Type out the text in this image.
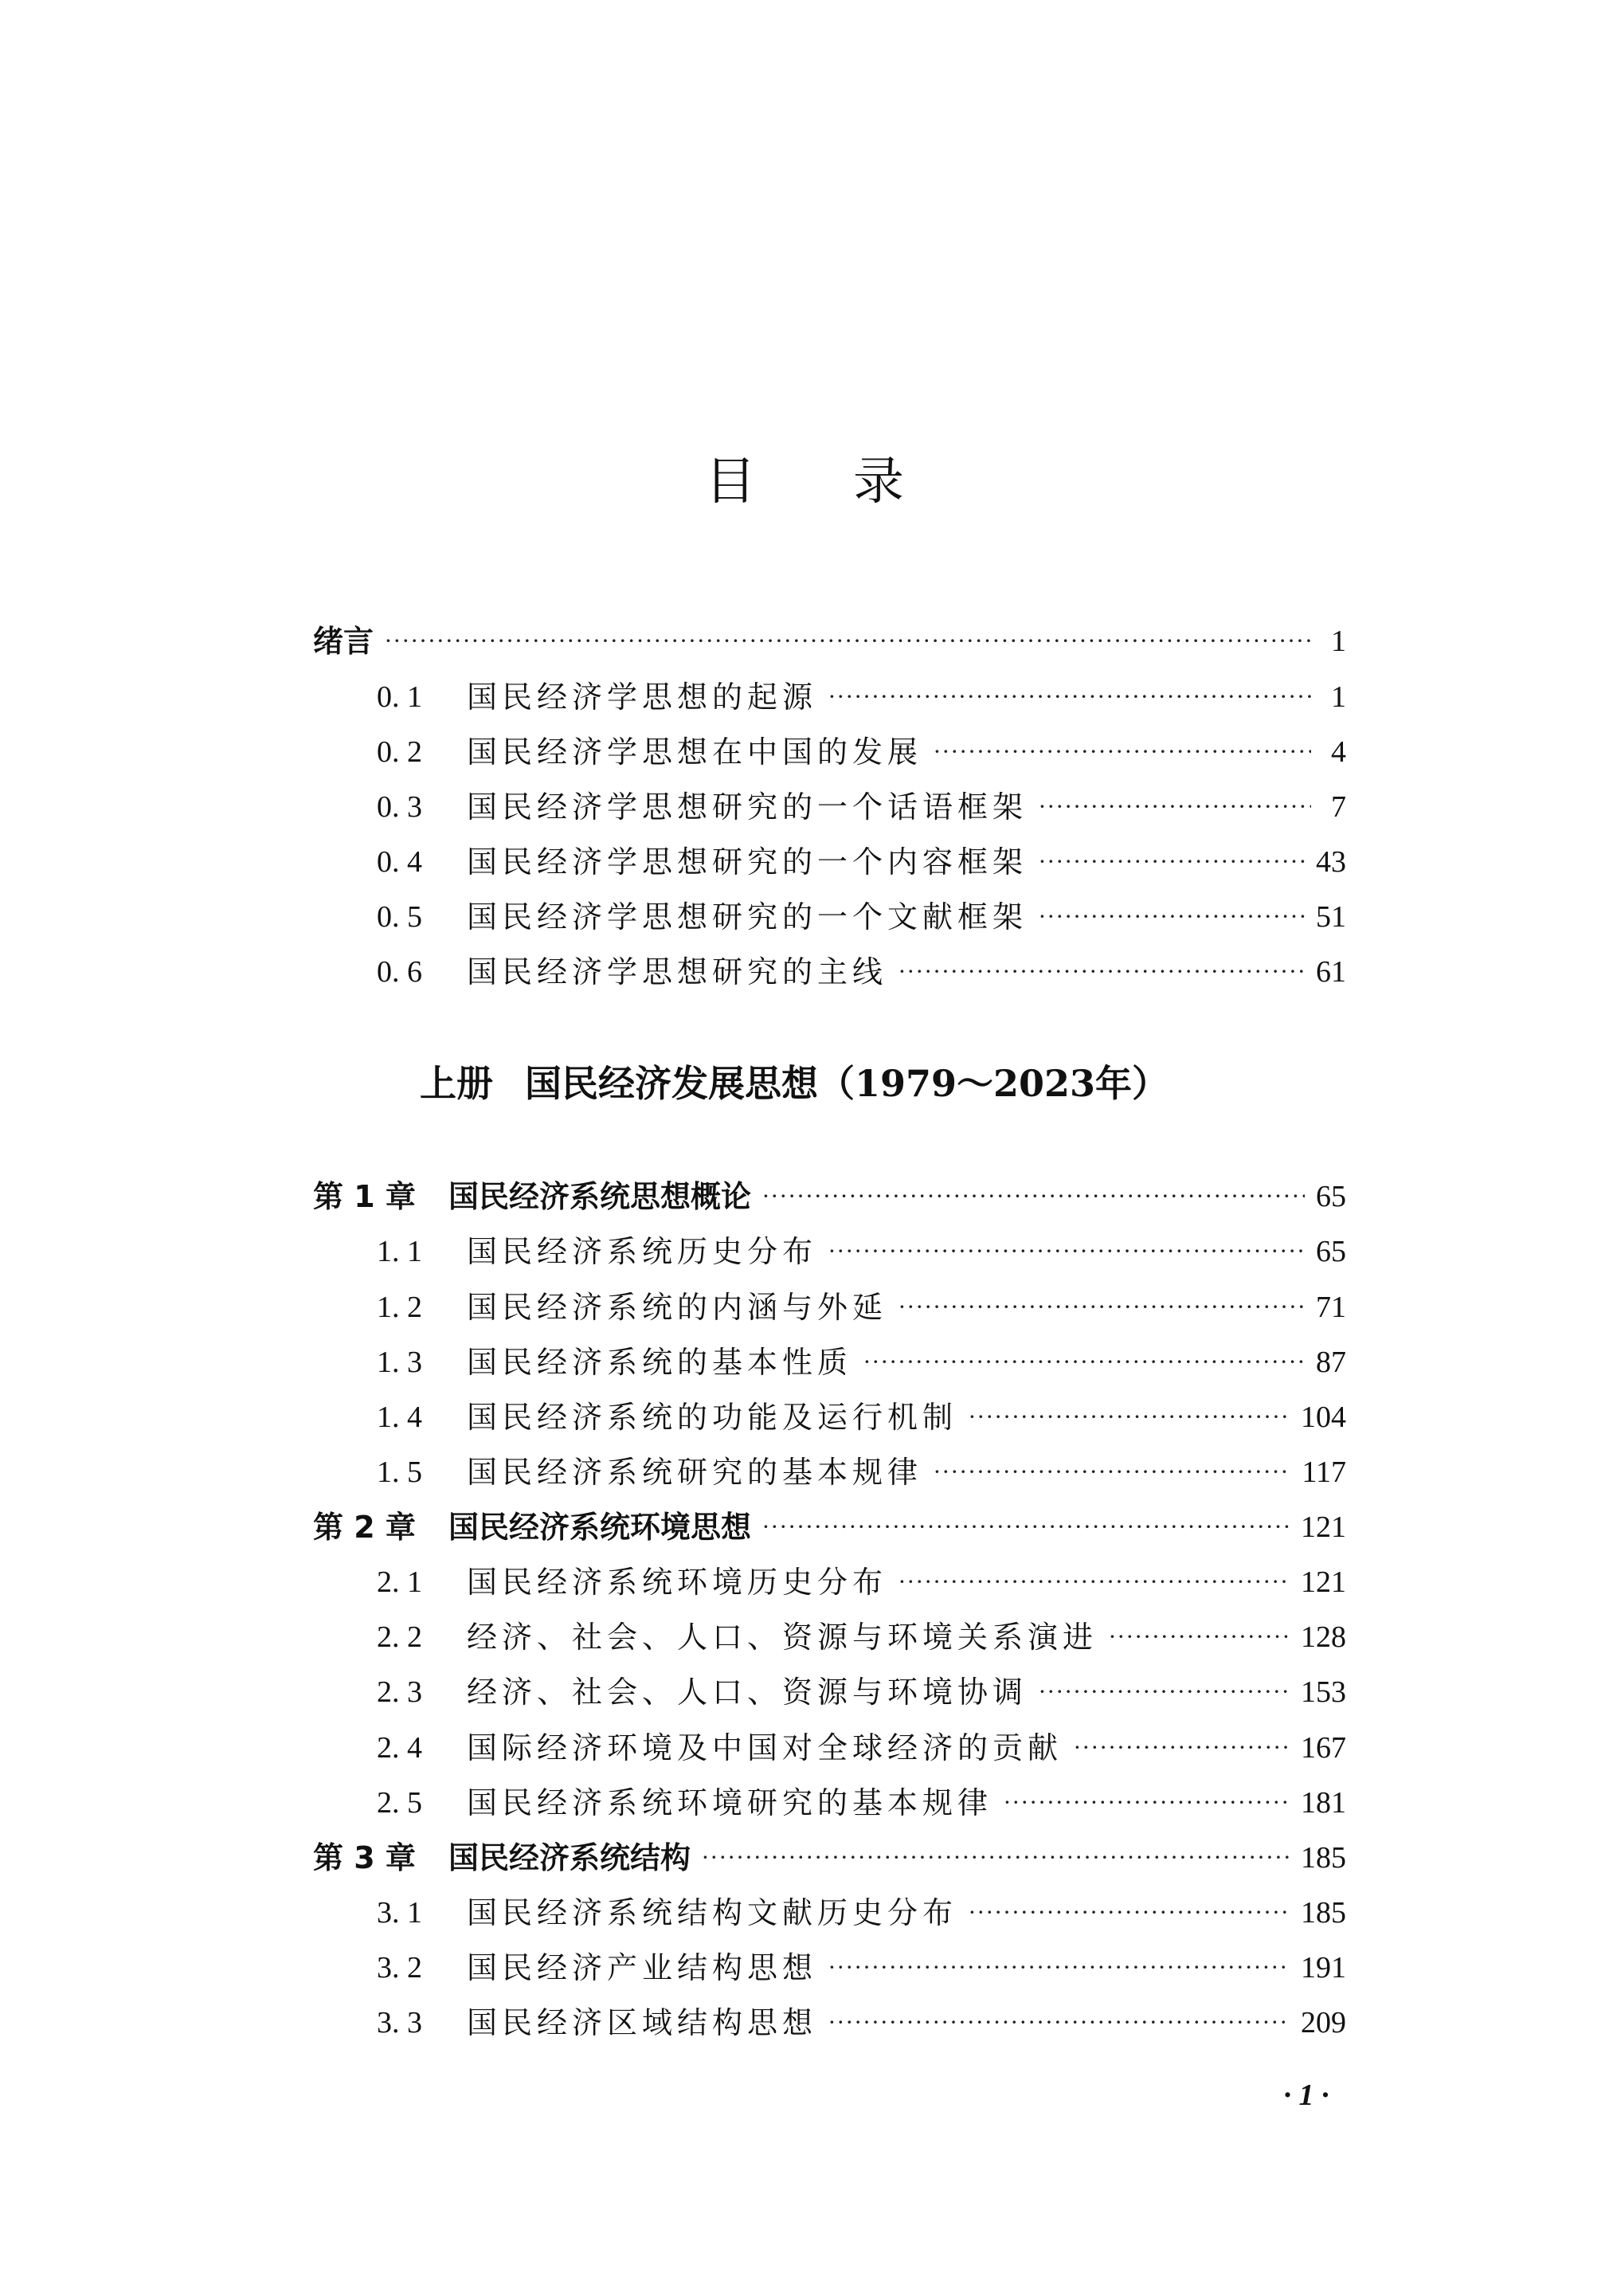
目 录
绪言 ·····	1
0. 1	国民经济学思想的起源 ·····	1
0. 2	国民经济学思想在中国的发展 ·····	4
0. 3	国民经济学思想研究的一个话语框架 ·····	7
0. 4	国民经济学思想研究的一个内容框架 ·····	43
0. 5	国民经济学思想研究的一个文献框架 ·····	51
0. 6	国民经济学思想研究的主线 ·····	61
上册 国民经济发展思想（1979～2023年）
第 1 章	国民经济系统思想概论 ·····	65
1. 1	国民经济系统历史分布 ·····	65
1. 2	国民经济系统的内涵与外延 ·····	71
1. 3	国民经济系统的基本性质 ·····	87
1. 4	国民经济系统的功能及运行机制 ·····	104
1. 5	国民经济系统研究的基本规律 ·····	117
第 2 章	国民经济系统环境思想 ·····	121
2. 1	国民经济系统环境历史分布 ·····	121
2. 2	经济、社会、人口、资源与环境关系演进 ·····	128
2. 3	经济、社会、人口、资源与环境协调 ·····	153
2. 4	国际经济环境及中国对全球经济的贡献 ·····	167
2. 5	国民经济系统环境研究的基本规律 ·····	181
第 3 章	国民经济系统结构 ·····	185
3. 1	国民经济系统结构文献历史分布 ·····	185
3. 2	国民经济产业结构思想 ·····	191
3. 3	国民经济区域结构思想 ·····	209
· 1 ·
